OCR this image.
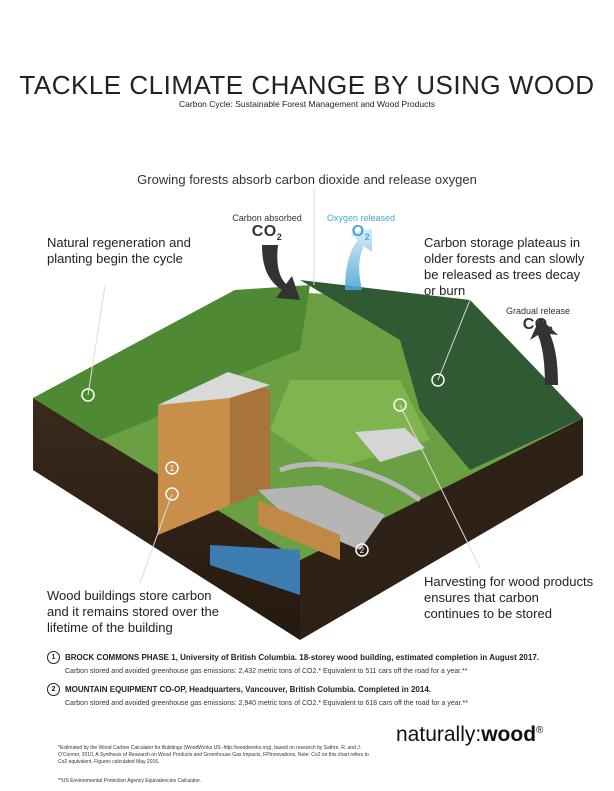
TACKLE CLIMATE CHANGE BY USING WOOD
Carbon Cycle: Sustainable Forest Management and Wood Products
Growing forests absorb carbon dioxide and release oxygen
1
2
Carbon absorbed
$CO_2$
Oxygen released
$O_2$
Gradual release
$CO_2$
Natural regeneration and planting begin the cycle
Carbon storage plateaus in older forests and can slowly be released as trees decay or burn
Wood buildings store carbon and it remains stored over the lifetime of the building
Harvesting for wood products ensures that carbon continues to be stored
1	BROCK COMMONS PHASE 1, University of British Columbia. 18-storey wood building, estimated completion in August 2017.
Carbon stored and avoided greenhouse gas emissions: 2,432 metric tons of CO2.* Equivalent to 511 cars off the road for a year.**
2	MOUNTAIN EQUIPMENT CO-OP, Headquarters, Vancouver, British Columbia. Completed in 2014.
Carbon stored and avoided greenhouse gas emissions: 2,940 metric tons of CO2.* Equivalent to 618 cars off the road for a year.**
naturally:wood®
*Estimated by the Wood Carbon Calculator for Buildings (WoodWorks US -http://woodworks.org), based on research by Sathre, R. and J. O'Connor, 2010, A Synthesis of Research on Wood Products and Greenhouse Gas Impacts, FPInnovations. Note: Co2 on this chart refers to Co2 equivalent. Figures calculated May 2016.
**US Environmental Protection Agency Equivalencies Calculator.
